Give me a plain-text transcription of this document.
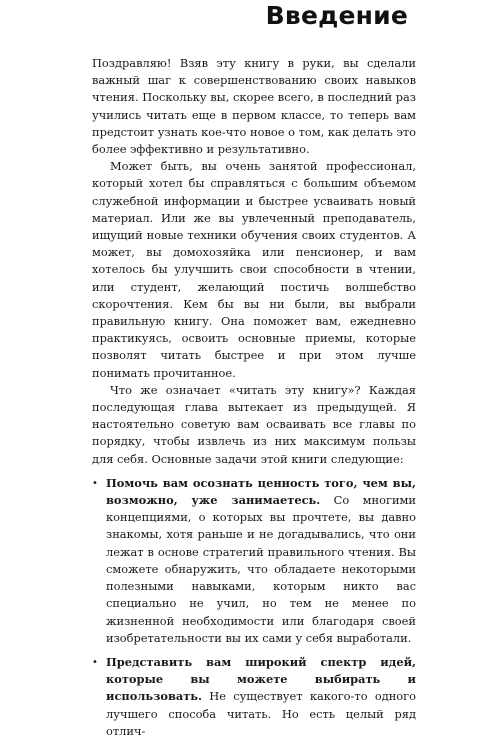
Введение

Поздравляю! Взяв эту книгу в руки, вы сделали важный шаг к совершенствованию своих навыков чтения. Поскольку вы, скорее всего, в последний раз учились читать еще в первом классе, то теперь вам предстоит узнать кое-что новое о том, как делать это более эффективно и результативно.

Может быть, вы очень занятой профессионал, который хотел бы справляться с большим объемом служебной информации и быстрее усваивать новый материал. Или же вы увлеченный преподаватель, ищущий новые техники обучения своих студентов. А может, вы домохозяйка или пенсионер, и вам хотелось бы улучшить свои способности в чтении, или студент, желающий постичь волшебство скорочтения. Кем бы вы ни были, вы выбрали правильную книгу. Она поможет вам, ежедневно практикуясь, освоить основные приемы, которые позволят читать быстрее и при этом лучше понимать прочитанное.

Что же означает «читать эту книгу»? Каждая последующая глава вытекает из предыдущей. Я настоятельно советую вам осваивать все главы по порядку, чтобы извлечь из них максимум пользы для себя. Основные задачи этой книги следующие:

• Помочь вам осознать ценность того, чем вы, возможно, уже занимаетесь. Со многими концепциями, о которых вы прочтете, вы давно знакомы, хотя раньше и не догадывались, что они лежат в основе стратегий правильного чтения. Вы сможете обнаружить, что обладаете некоторыми полезными навыками, которым никто вас специально не учил, но тем не менее по жизненной необходимости или благодаря своей изобретательности вы их сами у себя выработали.
• Представить вам широкий спектр идей, которые вы можете выбирать и использовать. Не существует какого-то одного лучшего способа читать. Но есть целый ряд отлич-
